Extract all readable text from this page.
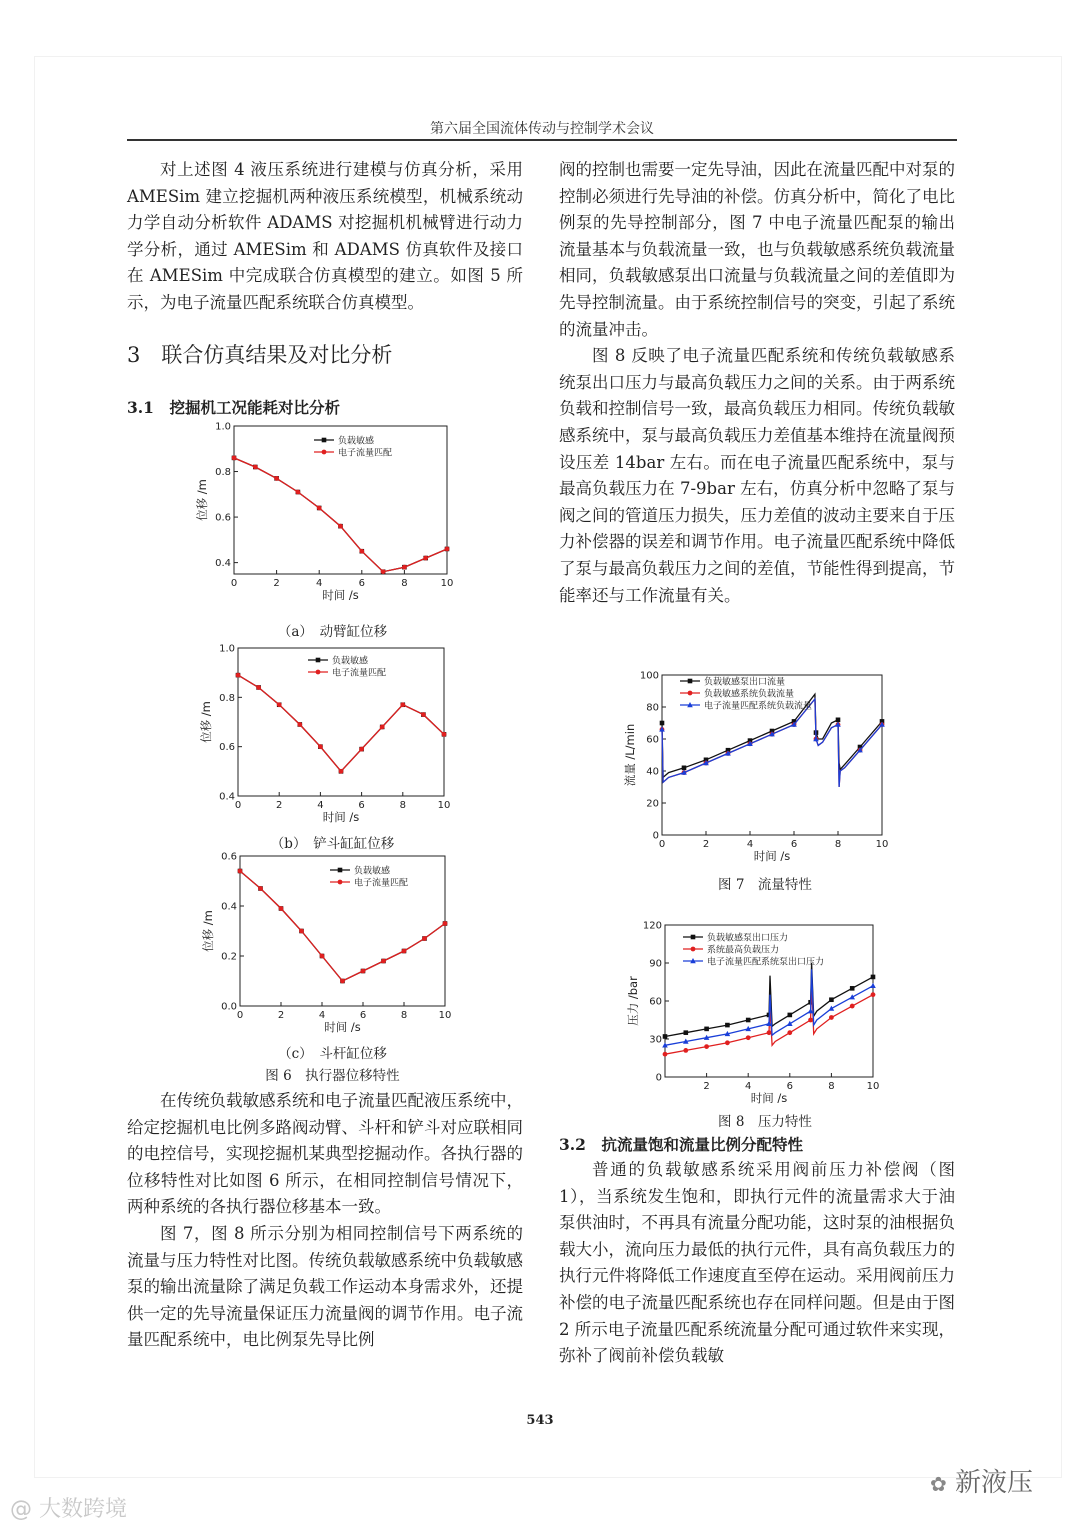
第六届全国流体传动与控制学术会议

对上述图 4 液压系统进行建模与仿真分析，采用 AMESim 建立挖掘机两种液压系统模型，机械系统动力学自动分析软件 ADAMS 对挖掘机机械臂进行动力学分析，通过 AMESim 和 ADAMS 仿真软件及接口在 AMESim 中完成联合仿真模型的建立。如图 5 所示，为电子流量匹配系统联合仿真模型。

3　联合仿真结果及对比分析
3.1　挖掘机工况能耗对比分析
0	2	4	6	8	10
0.4
0.6
0.8
1.0
时间 /s
位移 /m
负载敏感
电子流量匹配
（a）　动臂缸位移
0	2	4	6	8	10
0.4
0.6
0.8
1.0
时间 /s
位移 /m
负载敏感
电子流量匹配
（b）　铲斗缸缸位移
0	2	4	6	8	10
0.0
0.2
0.4
0.6
时间 /s
位移 /m
负载敏感
电子流量匹配
（c）　斗杆缸位移
图 6　执行器位移特性

在传统负载敏感系统和电子流量匹配液压系统中，给定挖掘机电比例多路阀动臂、斗杆和铲斗对应联相同的电控信号，实现挖掘机某典型挖掘动作。各执行器的位移特性对比如图 6 所示，在相同控制信号情况下，两种系统的各执行器位移基本一致。

图 7，图 8 所示分别为相同控制信号下两系统的流量与压力特性对比图。传统负载敏感系统中负载敏感泵的输出流量除了满足负载工作运动本身需求外，还提供一定的先导流量保证压力流量阀的调节作用。电子流量匹配系统中，电比例泵先导比例

阀的控制也需要一定先导油，因此在流量匹配中对泵的控制必须进行先导油的补偿。仿真分析中，简化了电比例泵的先导控制部分，图 7 中电子流量匹配泵的输出流量基本与负载流量一致，也与负载敏感系统负载流量相同，负载敏感泵出口流量与负载流量之间的差值即为先导控制流量。由于系统控制信号的突变，引起了系统的流量冲击。

图 8 反映了电子流量匹配系统和传统负载敏感系统泵出口压力与最高负载压力之间的关系。由于两系统负载和控制信号一致，最高负载压力相同。传统负载敏感系统中，泵与最高负载压力差值基本维持在流量阀预设压差 14bar 左右。而在电子流量匹配系统中，泵与最高负载压力在 7-9bar 左右，仿真分析中忽略了泵与阀之间的管道压力损失，压力差值的波动主要来自于压力补偿器的误差和调节作用。电子流量匹配系统中降低了泵与最高负载压力之间的差值，节能性得到提高，节能率还与工作流量有关。

0	2	4	6	8	10
0
20
40
60
80
100
时间 /s
流量 /L/min
负载敏感泵出口流量
负载敏感系统负载流量
电子流量匹配系统负载流量
图 7　流量特性
2	4	6	8	10
0
30
60
90
120
时间 /s
压力 /bar
负载敏感泵出口压力
系统最高负载压力
电子流量匹配系统泵出口压力
图 8　压力特性
3.2　抗流量饱和流量比例分配特性

普通的负载敏感系统采用阀前压力补偿阀（图 1），当系统发生饱和，即执行元件的流量需求大于油泵供油时，不再具有流量分配功能，这时泵的油根据负载大小，流向压力最低的执行元件，具有高负载压力的执行元件将降低工作速度直至停在运动。采用阀前压力补偿的电子流量匹配系统也存在同样问题。但是由于图 2 所示电子流量匹配系统流量分配可通过软件来实现，弥补了阀前补偿负载敏

543
@ 大数跨境
✿ 新液压
